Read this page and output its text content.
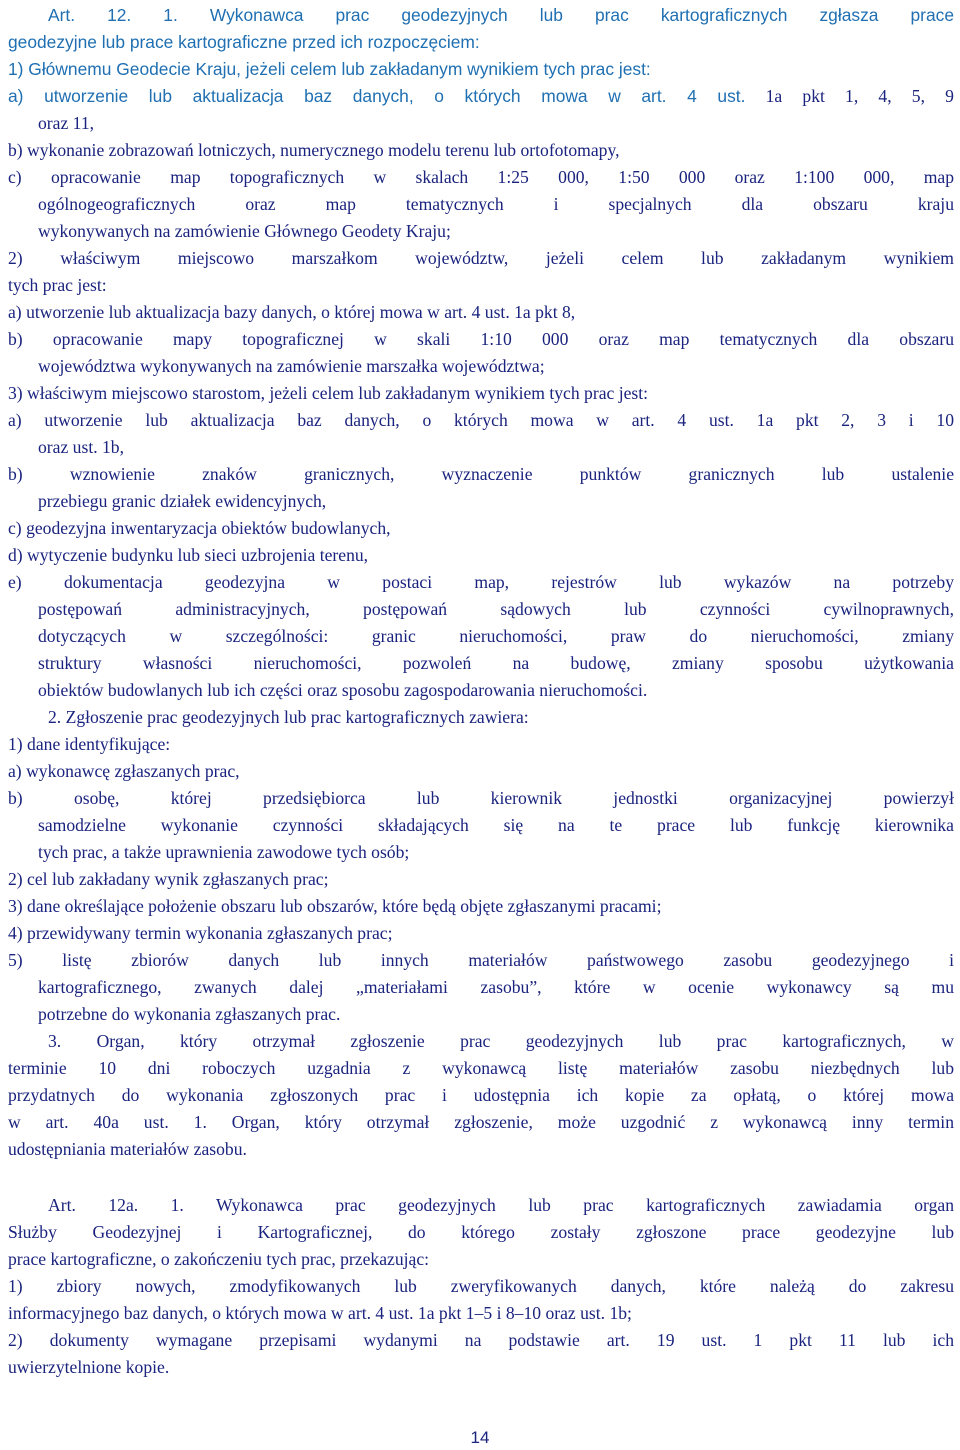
Art. 12. 1. Wykonawca prac geodezyjnych lub prac kartograficznych zgłasza prace
geodezyjne lub prace kartograficzne przed ich rozpoczęciem:
1) Głównemu Geodecie Kraju, jeżeli celem lub zakładanym wynikiem tych prac jest:
a) utworzenie lub aktualizacja baz danych, o których mowa w art. 4 ust. 1a pkt 1, 4, 5, 9
oraz 11,
b) wykonanie zobrazowań lotniczych, numerycznego modelu terenu lub ortofotomapy,
c) opracowanie map topograficznych w skalach 1:25 000, 1:50 000 oraz 1:100 000, map
ogólnogeograficznych oraz map tematycznych i specjalnych dla obszaru kraju
wykonywanych na zamówienie Głównego Geodety Kraju;
2) właściwym miejscowo marszałkom województw, jeżeli celem lub zakładanym wynikiem
tych prac jest:
a) utworzenie lub aktualizacja bazy danych, o której mowa w art. 4 ust. 1a pkt 8,
b) opracowanie mapy topograficznej w skali 1:10 000 oraz map tematycznych dla obszaru
województwa wykonywanych na zamówienie marszałka województwa;
3) właściwym miejscowo starostom, jeżeli celem lub zakładanym wynikiem tych prac jest:
a) utworzenie lub aktualizacja baz danych, o których mowa w art. 4 ust. 1a pkt 2, 3 i 10
oraz ust. 1b,
b) wznowienie znaków granicznych, wyznaczenie punktów granicznych lub ustalenie
przebiegu granic działek ewidencyjnych,
c) geodezyjna inwentaryzacja obiektów budowlanych,
d) wytyczenie budynku lub sieci uzbrojenia terenu,
e) dokumentacja geodezyjna w postaci map, rejestrów lub wykazów na potrzeby
postępowań administracyjnych, postępowań sądowych lub czynności cywilnoprawnych,
dotyczących w szczególności: granic nieruchomości, praw do nieruchomości, zmiany
struktury własności nieruchomości, pozwoleń na budowę, zmiany sposobu użytkowania
obiektów budowlanych lub ich części oraz sposobu zagospodarowania nieruchomości.
2. Zgłoszenie prac geodezyjnych lub prac kartograficznych zawiera:
1) dane identyfikujące:
a) wykonawcę zgłaszanych prac,
b) osobę, której przedsiębiorca lub kierownik jednostki organizacyjnej powierzył
samodzielne wykonanie czynności składających się na te prace lub funkcję kierownika
tych prac, a także uprawnienia zawodowe tych osób;
2) cel lub zakładany wynik zgłaszanych prac;
3) dane określające położenie obszaru lub obszarów, które będą objęte zgłaszanymi pracami;
4) przewidywany termin wykonania zgłaszanych prac;
5) listę zbiorów danych lub innych materiałów państwowego zasobu geodezyjnego i
kartograficznego, zwanych dalej „materiałami zasobu”, które w ocenie wykonawcy są mu
potrzebne do wykonania zgłaszanych prac.
3. Organ, który otrzymał zgłoszenie prac geodezyjnych lub prac kartograficznych, w
terminie 10 dni roboczych uzgadnia z wykonawcą listę materiałów zasobu niezbędnych lub
przydatnych do wykonania zgłoszonych prac i udostępnia ich kopie za opłatą, o której mowa
w art. 40a ust. 1. Organ, który otrzymał zgłoszenie, może uzgodnić z wykonawcą inny termin
udostępniania materiałów zasobu.
Art. 12a. 1. Wykonawca prac geodezyjnych lub prac kartograficznych zawiadamia organ
Służby Geodezyjnej i Kartograficznej, do którego zostały zgłoszone prace geodezyjne lub
prace kartograficzne, o zakończeniu tych prac, przekazując:
1) zbiory nowych, zmodyfikowanych lub zweryfikowanych danych, które należą do zakresu
informacyjnego baz danych, o których mowa w art. 4 ust. 1a pkt 1–5 i 8–10 oraz ust. 1b;
2) dokumenty wymagane przepisami wydanymi na podstawie art. 19 ust. 1 pkt 11 lub ich
uwierzytelnione kopie.
14
